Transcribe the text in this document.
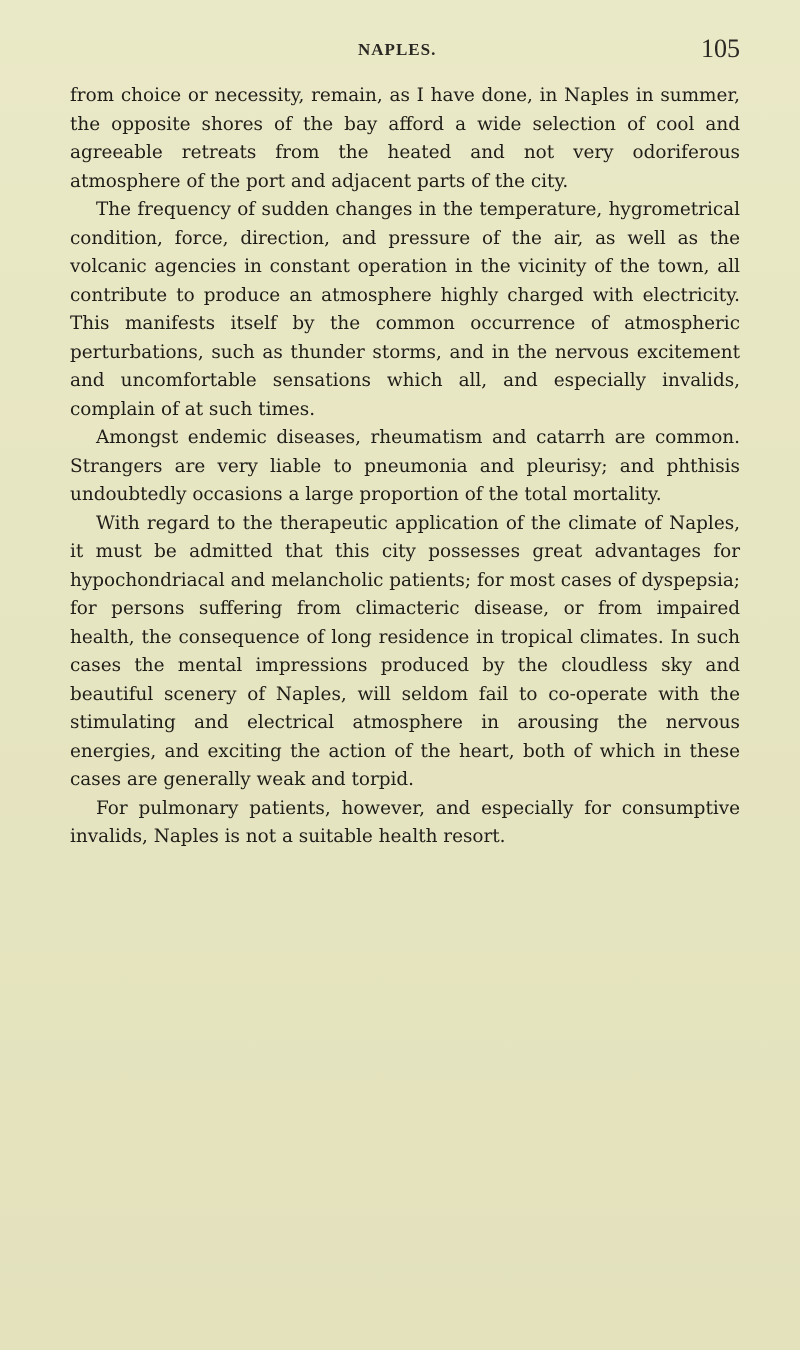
NAPLES.	105

from choice or necessity, remain, as I have done, in Naples in summer, the opposite shores of the bay afford a wide selection of cool and agreeable retreats from the heated and not very odoriferous atmosphere of the port and adjacent parts of the city.

The frequency of sudden changes in the temperature, hygrometrical condition, force, direction, and pressure of the air, as well as the volcanic agencies in constant operation in the vicinity of the town, all contribute to produce an atmosphere highly charged with electricity. This manifests itself by the common occurrence of atmospheric perturbations, such as thunder storms, and in the nervous excitement and uncomfortable sensations which all, and especially invalids, complain of at such times.

Amongst endemic diseases, rheumatism and catarrh are common. Strangers are very liable to pneumonia and pleurisy; and phthisis undoubtedly occasions a large proportion of the total mortality.

With regard to the therapeutic application of the climate of Naples, it must be admitted that this city possesses great advantages for hypochondriacal and melancholic patients; for most cases of dyspepsia; for persons suffering from climacteric disease, or from impaired health, the consequence of long residence in tropical climates. In such cases the mental impressions produced by the cloudless sky and beautiful scenery of Naples, will seldom fail to co-operate with the stimulating and electrical atmosphere in arousing the nervous energies, and exciting the action of the heart, both of which in these cases are generally weak and torpid.

For pulmonary patients, however, and especially for consumptive invalids, Naples is not a suitable health resort.
